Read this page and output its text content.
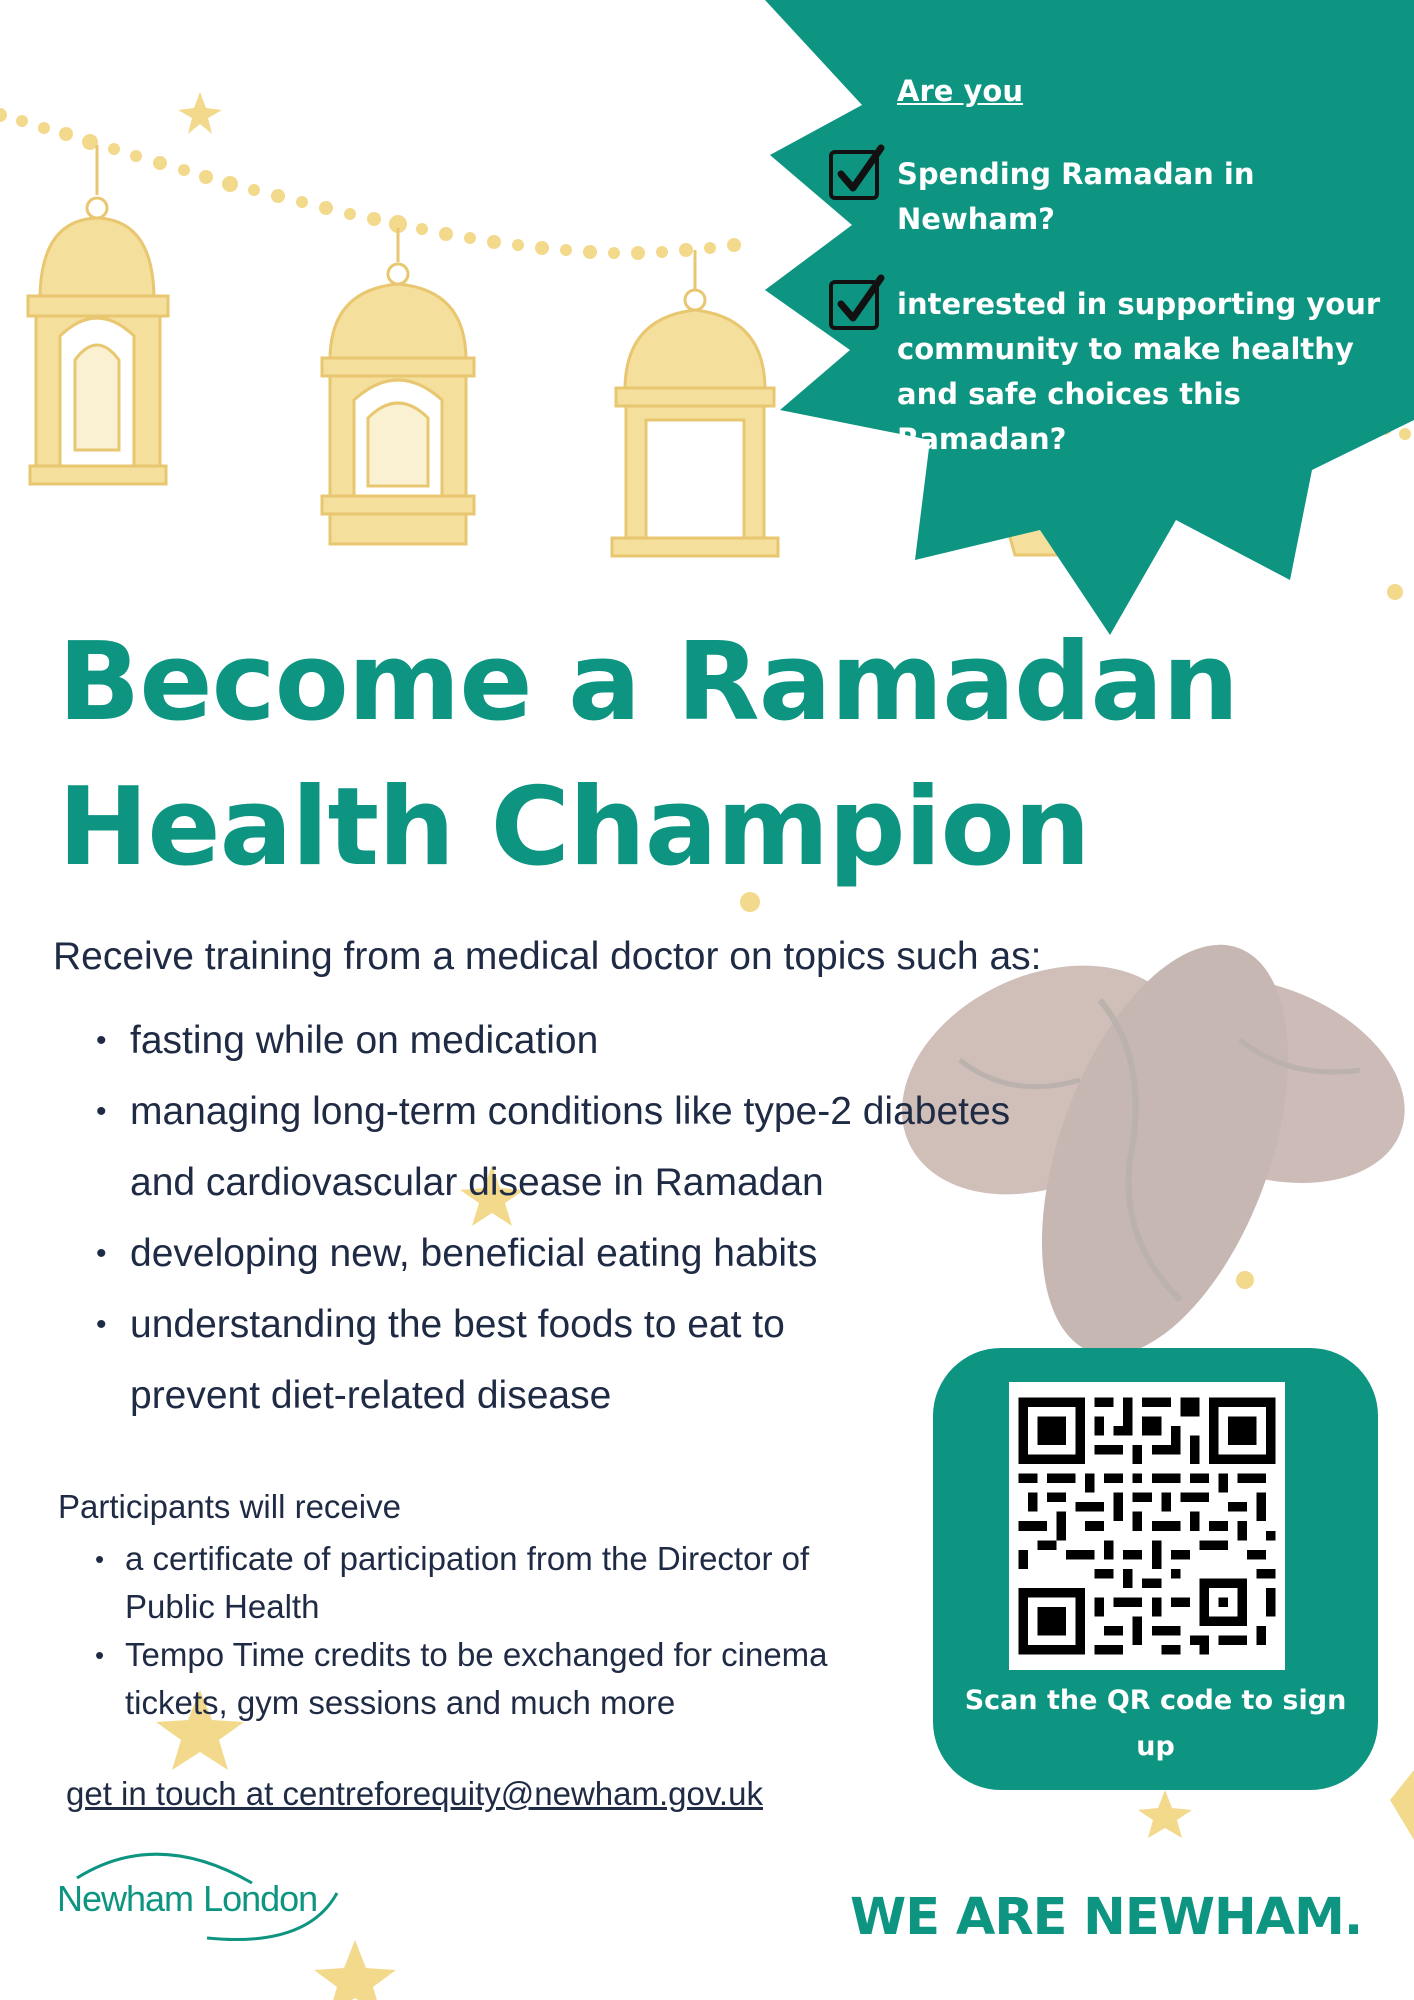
Are you
Spending Ramadan in Newham?
interested in supporting your community to make healthy and safe choices this Ramadan?
Become a Ramadan
Health Champion
Receive training from a medical doctor on topics such as:
• fasting while on medication
• managing long-term conditions like type-2 diabetes and cardiovascular disease in Ramadan
• developing new, beneficial eating habits
• understanding the best foods to eat to prevent diet-related disease
Participants will receive
• a certificate of participation from the Director of Public Health
• Tempo Time credits to be exchanged for cinema tickets, gym sessions and much more
get in touch at centreforequity@newham.gov.uk
Scan the QR code to sign up
Newham London	WE ARE NEWHAM.
